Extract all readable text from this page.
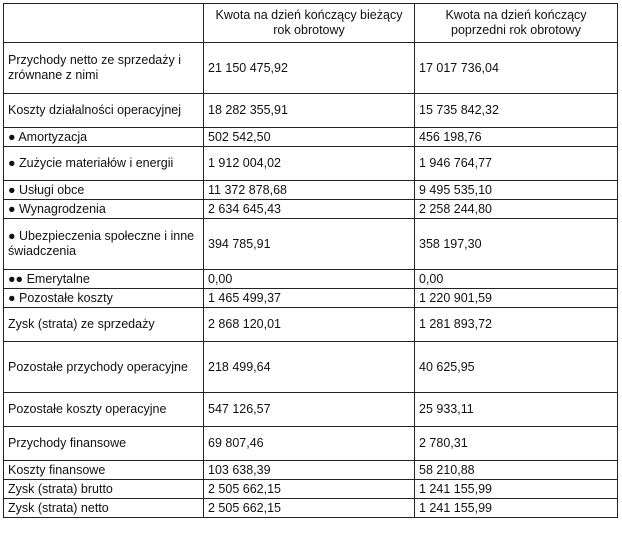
	Kwota na dzień kończący bieżący rok obrotowy	Kwota na dzień kończący poprzedni rok obrotowy
Przychody netto ze sprzedaży i zrównane z nimi	21 150 475,92	17 017 736,04
Koszty działalności operacyjnej	18 282 355,91	15 735 842,32
● Amortyzacja	502 542,50	456 198,76
● Zużycie materiałów i energii	1 912 004,02	1 946 764,77
● Usługi obce	11 372 878,68	9 495 535,10
● Wynagrodzenia	2 634 645,43	2 258 244,80
● Ubezpieczenia społeczne i inne świadczenia	394 785,91	358 197,30
●● Emerytalne	0,00	0,00
● Pozostałe koszty	1 465 499,37	1 220 901,59
Zysk (strata) ze sprzedaży	2 868 120,01	1 281 893,72
Pozostałe przychody operacyjne	218 499,64	40 625,95
Pozostałe koszty operacyjne	547 126,57	25 933,11
Przychody finansowe	69 807,46	2 780,31
Koszty finansowe	103 638,39	58 210,88
Zysk (strata) brutto	2 505 662,15	1 241 155,99
Zysk (strata) netto	2 505 662,15	1 241 155,99
